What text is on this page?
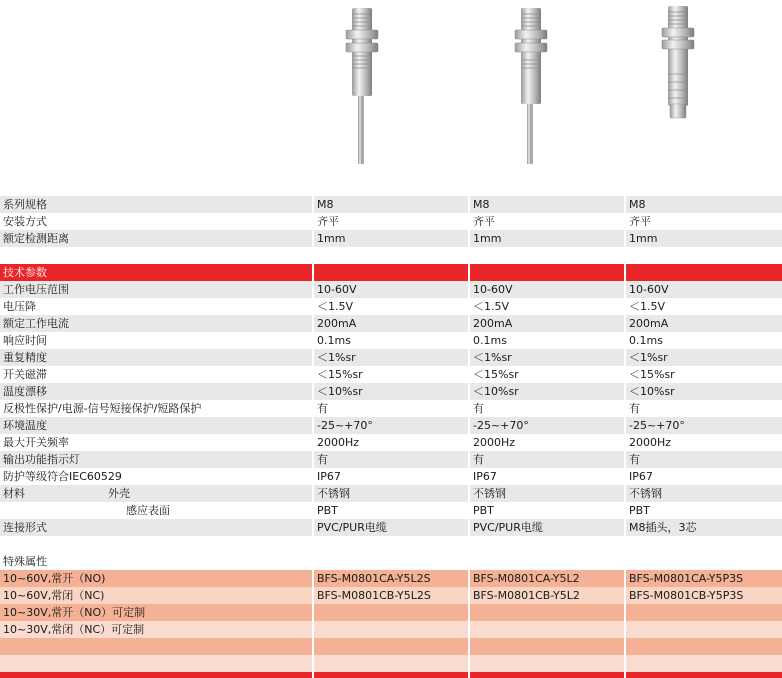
系列规格	M8	M8	M8
安装方式	齐平	齐平	齐平
额定检测距离	1mm	1mm	1mm

技术参数			
工作电压范围	10-60V	10-60V	10-60V
电压降	＜1.5V	＜1.5V	＜1.5V
额定工作电流	200mA	200mA	200mA
响应时间	0.1ms	0.1ms	0.1ms
重复精度	＜1%sr	＜1%sr	＜1%sr
开关磁滞	＜15%sr	＜15%sr	＜15%sr
温度漂移	＜10%sr	＜10%sr	＜10%sr
反极性保护/电源-信号短接保护/短路保护	有	有	有
环境温度	-25~+70°	-25~+70°	-25~+70°
最大开关频率	2000Hz	2000Hz	2000Hz
输出功能指示灯	有	有	有
防护等级符合IEC60529	IP67	IP67	IP67
材料 外壳	不锈钢	不锈钢	不锈钢
感应表面	PBT	PBT	PBT
连接形式	PVC/PUR电缆	PVC/PUR电缆	M8插头，3芯

特殊属性			
10~60V,常开（NO)	BFS-M0801CA-Y5L2S	BFS-M0801CA-Y5L2	BFS-M0801CA-Y5P3S
10~60V,常闭（NC)	BFS-M0801CB-Y5L2S	BFS-M0801CB-Y5L2	BFS-M0801CB-Y5P3S
10~30V,常开（NO）可定制			
10~30V,常闭（NC）可定制			
